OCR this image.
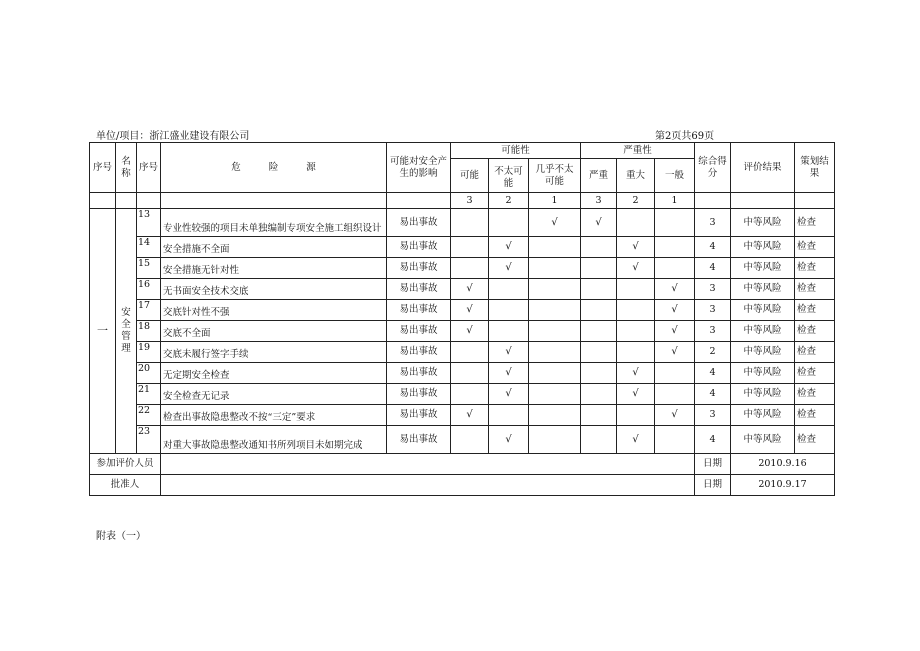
单位/项目：浙江盛业建设有限公司	第2页共69页
序号	名称	序号	危险源	可能对安全产生的影响	可能性			严重性			综合得分	评价结果	策划结果
					可能	不太可能	几乎不太可能	严重	重大	一般			
					3	2	1	3	2	1			
一	安全管理	13	专业性较强的项目未单独编制专项安全施工组织设计	易出事故			√	√			3	中等风险	检查
		14	安全措施不全面	易出事故		√			√		4	中等风险	检查
		15	安全措施无针对性	易出事故		√			√		4	中等风险	检查
		16	无书面安全技术交底	易出事故	√					√	3	中等风险	检查
		17	交底针对性不强	易出事故	√					√	3	中等风险	检查
		18	交底不全面	易出事故	√					√	3	中等风险	检查
		19	交底未履行签字手续	易出事故		√				√	2	中等风险	检查
		20	无定期安全检查	易出事故		√			√		4	中等风险	检查
		21	安全检查无记录	易出事故		√			√		4	中等风险	检查
		22	检查出事故隐患整改不按“三定”要求	易出事故	√					√	3	中等风险	检查
		23	对重大事故隐患整改通知书所列项目未如期完成	易出事故		√			√		4	中等风险	检查
参加评价人员											日期	2010.9.16	
批准人											日期	2010.9.17	
附表（一）
